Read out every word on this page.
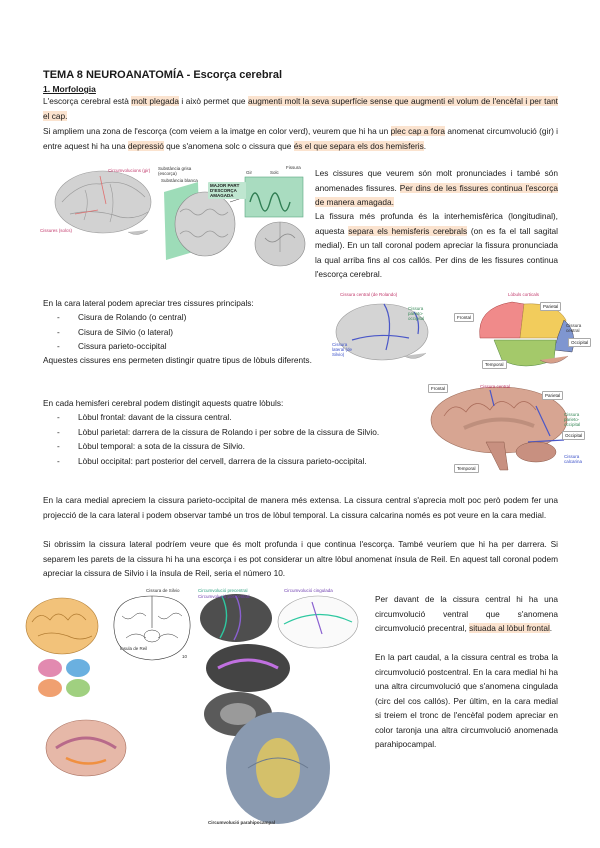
TEMA 8 NEUROANATOMÍA - Escorça cerebral
1. Morfologia

L'escorça cerebral està molt plegada i això permet que augmenti molt la seva superfície sense que augmenti el volum de l'encèfal i per tant el cap.

Si ampliem una zona de l'escorça (com veiem a la imatge en color verd), veurem que hi ha un plec cap a fora anomenat circumvolució (gir) i entre aquest hi ha una depressió que s'anomena solc o cissura que és el que separa els dos hemisferis.

Circumvolucions (gir)
Cissures (solcs)
Substància grisa (escorça)
Substància blanca
MAJOR PART D'ESCORÇA AMAGADA
Gir	Solc
Fissura

Les cissures que veurem són molt pronunciades i també són anomenades fissures. Per dins de les fissures continua l'escorça de manera amagada.

La fissura més profunda és la interhemisfèrica (longitudinal), aquesta separa els hemisferis cerebrals (on es fa el tall sagital medial). En un tall coronal podem apreciar la fissura pronunciada la qual arriba fins al cos callós. Per dins de les fissures continua l'escorça cerebral.

En la cara lateral podem apreciar tres cissures principals:

- Cisura de Rolando (o central)
- Cisura de Silvio (o lateral)
- Cissura parieto-occipital

Aquestes cissures ens permeten distingir quatre tipus de lòbuls diferents.

Cissura central (de Rolando)
Cissura parieto-occipital
Cissura lateral (de Silvio)
Lòbuls corticals
Parietal
Frontal
Cissura central
Occipital
Temporal

En cada hemisferi cerebral podem distingit aquests quatre lòbuls:

- Lòbul frontal: davant de la cissura central.
- Lòbul parietal: darrera de la cissura de Rolando i per sobre de la cissura de Silvio.
- Lòbul temporal: a sota de la cissura de Silvio.
- Lòbul occipital: part posterior del cervell, darrera de la cissura parieto-occipital.
Frontal	Cissura central
Parietal
Cissura parieto-occipital
Occipital
Cissura calcarina
Temporal

En la cara medial apreciem la cissura parieto-occipital de manera més extensa. La cissura central s'aprecia molt poc però podem fer una projecció de la cara lateral i podem observar també un tros de lòbul temporal. La cissura calcarina només es pot veure en la cara medial.

Si obrissim la cissura lateral podríem veure que és molt profunda i que continua l'escorça. També veuríem que hi ha per darrera. Si separem les parets de la cissura hi ha una escorça i es pot considerar un altre lòbul anomenat ínsula de Reil. En aquest tall coronal podem apreciar la cissura de Silvio i la ínsula de Reil, seria el número 10.

Cissura de Silvio
Ínsula de Reil
Circumvolució precentral
Circumvolució postcentral
Circumvolució cingulada
Circumvolució parahipocampal
10

Per davant de la cissura central hi ha una circumvolució ventral que s'anomena circumvolució precentral, situada al lòbul frontal.

En la part caudal, a la cissura central es troba la circumvolució postcentral. En la cara medial hi ha una altra circumvolució que s'anomena cingulada (circ del cos callós). Per últim, en la cara medial si treiem el tronc de l'encèfal podem apreciar en color taronja una altra circumvolució anomenada parahipocampal.
